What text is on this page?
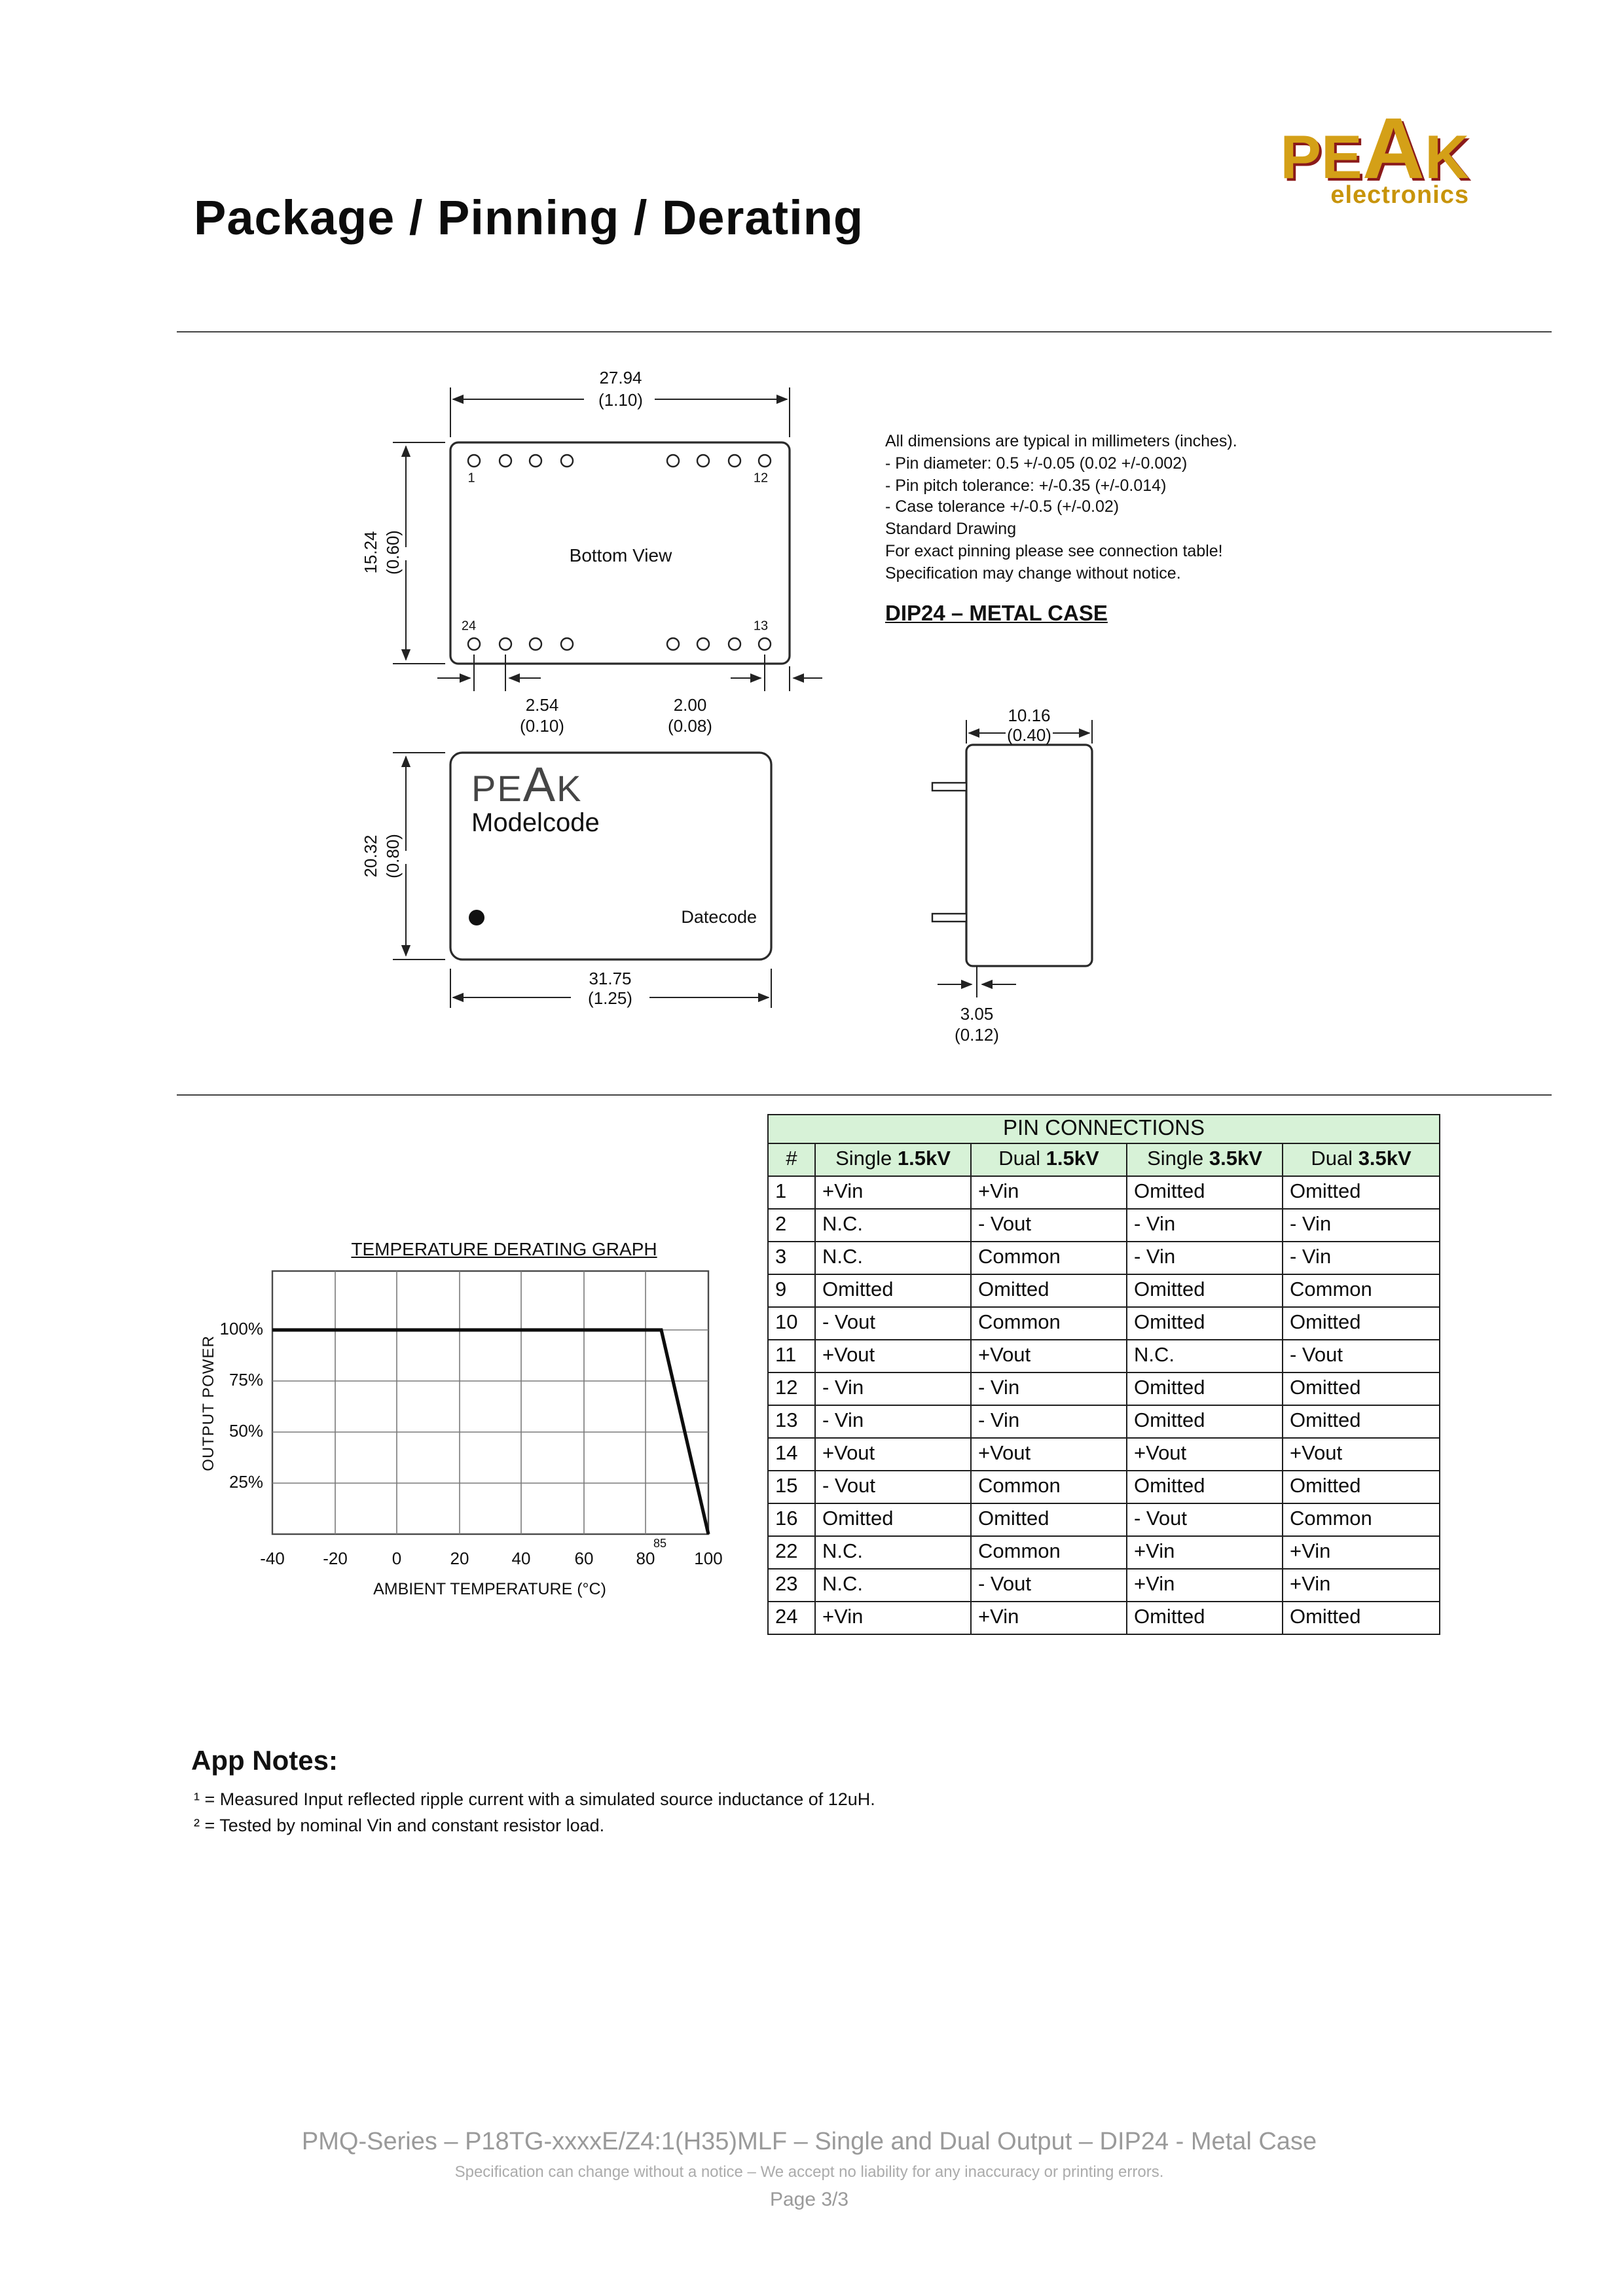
Package / Pinning / Derating
PEAK
electronics
27.94
(1.10)
15.24 (0.60)	Bottom View
1	12
24	13
2.54
(0.10)
2.00
(0.08)
All dimensions are typical in millimeters (inches).
- Pin diameter: 0.5 +/-0.05 (0.02 +/-0.002)
- Pin pitch tolerance: +/-0.35 (+/-0.014)
- Case tolerance +/-0.5 (+/-0.02)
Standard Drawing
For exact pinning please see connection table!
Specification may change without notice.
DIP24 – METAL CASE
PEAK
Modelcode
Datecode
20.32 (0.80)
31.75
(1.25)
10.16
(0.40)
3.05
(0.12)
TEMPERATURE DERATING GRAPH
OUTPUT POWER
100%
75%
50%
25%
85
-40	-20	0	20	40	60	80	100
AMBIENT TEMPERATURE (°C)
PIN CONNECTIONS				
#	Single 1.5kV	Dual 1.5kV	Single 3.5kV	Dual 3.5kV
1	+Vin	+Vin	Omitted	Omitted
2	N.C.	- Vout	- Vin	- Vin
3	N.C.	Common	- Vin	- Vin
9	Omitted	Omitted	Omitted	Common
10	- Vout	Common	Omitted	Omitted
11	+Vout	+Vout	N.C.	- Vout
12	- Vin	- Vin	Omitted	Omitted
13	- Vin	- Vin	Omitted	Omitted
14	+Vout	+Vout	+Vout	+Vout
15	- Vout	Common	Omitted	Omitted
16	Omitted	Omitted	- Vout	Common
22	N.C.	Common	+Vin	+Vin
23	N.C.	- Vout	+Vin	+Vin
24	+Vin	+Vin	Omitted	Omitted
App Notes:
¹ = Measured Input reflected ripple current with a simulated source inductance of 12uH.
² = Tested by nominal Vin and constant resistor load.
PMQ-Series – P18TG-xxxxE/Z4:1(H35)MLF – Single and Dual Output – DIP24 - Metal Case
Specification can change without a notice – We accept no liability for any inaccuracy or printing errors.
Page 3/3
